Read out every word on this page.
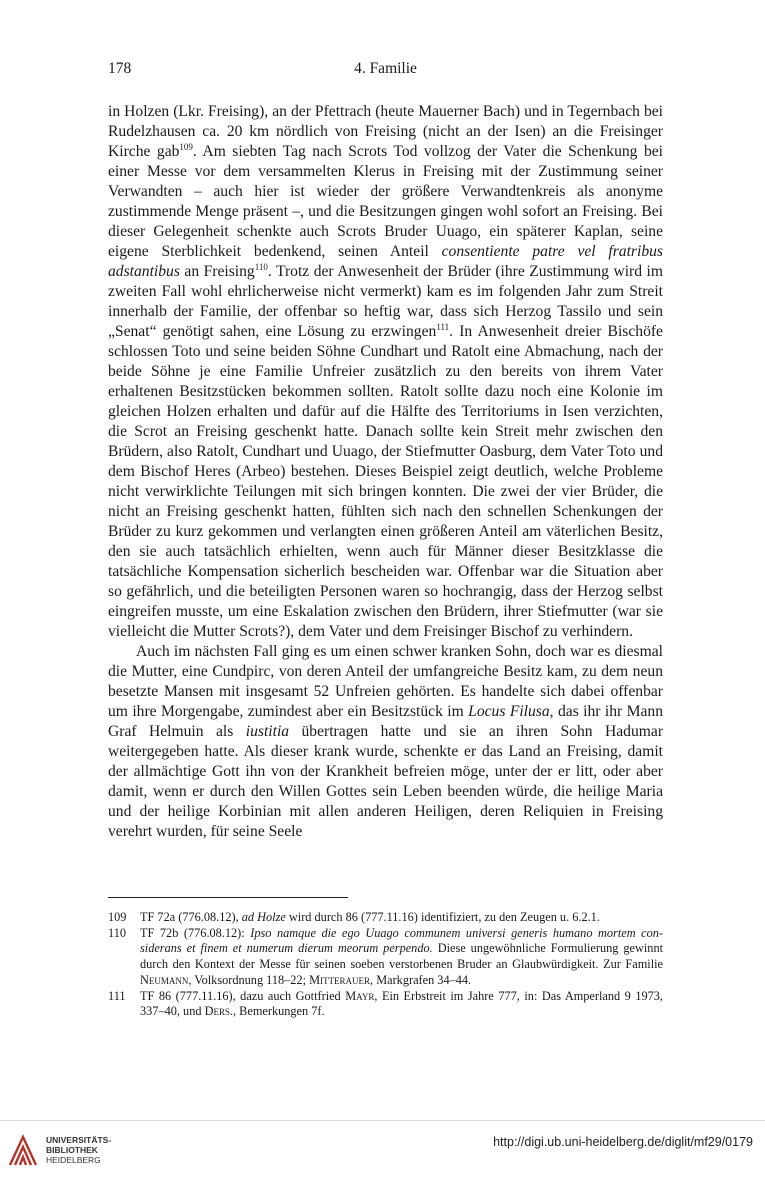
178	4. Familie

in Holzen (Lkr. Freising), an der Pfettrach (heute Mauerner Bach) und in Tegernbach bei Rudelzhausen ca. 20 km nördlich von Freising (nicht an der Isen) an die Freisinger Kirche gab$^{109}$. Am siebten Tag nach Scrots Tod vollzog der Vater die Schenkung bei einer Messe vor dem versammelten Klerus in Freising mit der Zustimmung seiner Verwandten – auch hier ist wieder der größere Verwandtenkreis als anonyme zustimmende Menge präsent –, und die Besitzungen gingen wohl sofort an Freising. Bei dieser Gelegenheit schenkte auch Scrots Bruder Uuago, ein späterer Kaplan, seine eigene Sterblichkeit bedenkend, seinen Anteil consentiente patre vel fratribus adstantibus an Freising$^{110}$. Trotz der Anwesenheit der Brüder (ihre Zustimmung wird im zweiten Fall wohl ehrlicherweise nicht vermerkt) kam es im folgenden Jahr zum Streit innerhalb der Familie, der offenbar so heftig war, dass sich Herzog Tassilo und sein „Senat“ genötigt sahen, eine Lösung zu erzwingen$^{111}$. In Anwesenheit dreier Bischöfe schlossen Toto und seine beiden Söhne Cundhart und Ratolt eine Abmachung, nach der beide Söhne je eine Familie Unfreier zusätzlich zu den bereits von ihrem Vater erhaltenen Besitzstücken bekommen sollten. Ratolt sollte dazu noch eine Kolonie im gleichen Holzen erhalten und dafür auf die Hälfte des Territoriums in Isen verzichten, die Scrot an Freising geschenkt hatte. Danach sollte kein Streit mehr zwischen den Brüdern, also Ratolt, Cundhart und Uuago, der Stiefmutter Oasburg, dem Vater Toto und dem Bischof Heres (Arbeo) bestehen. Dieses Beispiel zeigt deutlich, welche Probleme nicht verwirklichte Teilungen mit sich bringen konnten. Die zwei der vier Brüder, die nicht an Freising geschenkt hatten, fühlten sich nach den schnellen Schenkungen der Brüder zu kurz gekommen und verlangten einen größeren Anteil am väterlichen Besitz, den sie auch tatsächlich erhielten, wenn auch für Männer dieser Besitzklasse die tatsächliche Kompensation sicherlich bescheiden war. Offenbar war die Situation aber so gefährlich, und die beteiligten Personen waren so hochrangig, dass der Herzog selbst eingreifen musste, um eine Eskalation zwischen den Brüdern, ihrer Stiefmutter (war sie vielleicht die Mutter Scrots?), dem Vater und dem Freisinger Bischof zu verhindern.

Auch im nächsten Fall ging es um einen schwer kranken Sohn, doch war es diesmal die Mutter, eine Cundpirc, von deren Anteil der umfangreiche Besitz kam, zu dem neun besetzte Mansen mit insgesamt 52 Unfreien gehörten. Es handelte sich dabei offenbar um ihre Morgengabe, zumindest aber ein Besitzstück im Locus Filusa, das ihr ihr Mann Graf Helmuin als iustitia übertragen hatte und sie an ihren Sohn Hadumar weitergegeben hatte. Als dieser krank wurde, schenkte er das Land an Freising, damit der allmächtige Gott ihn von der Krankheit befreien möge, unter der er litt, oder aber damit, wenn er durch den Willen Gottes sein Leben beenden würde, die heilige Maria und der heilige Korbinian mit allen anderen Heiligen, deren Reliquien in Freising verehrt wurden, für seine Seele

109 TF 72a (776.08.12), ad Holze wird durch 86 (777.11.16) identifiziert, zu den Zeugen u. 6.2.1.

110 TF 72b (776.08.12): Ipso namque die ego Uuago communem universi generis humano mortem considerans et finem et numerum dierum meorum perpendo. Diese ungewöhnliche Formulierung gewinnt durch den Kontext der Messe für seinen soeben verstorbenen Bruder an Glaubwürdigkeit. Zur Familie Neumann, Volksordnung 118–22; Mitterauer, Markgrafen 34–44.

111 TF 86 (777.11.16), dazu auch Gottfried Mayr, Ein Erbstreit im Jahre 777, in: Das Amperland 9 1973, 337–40, und Ders., Bemerkungen 7f.

UNIVERSITÄTS-
BIBLIOTHEK
HEIDELBERG
http://digi.ub.uni-heidelberg.de/diglit/mf29/0179
